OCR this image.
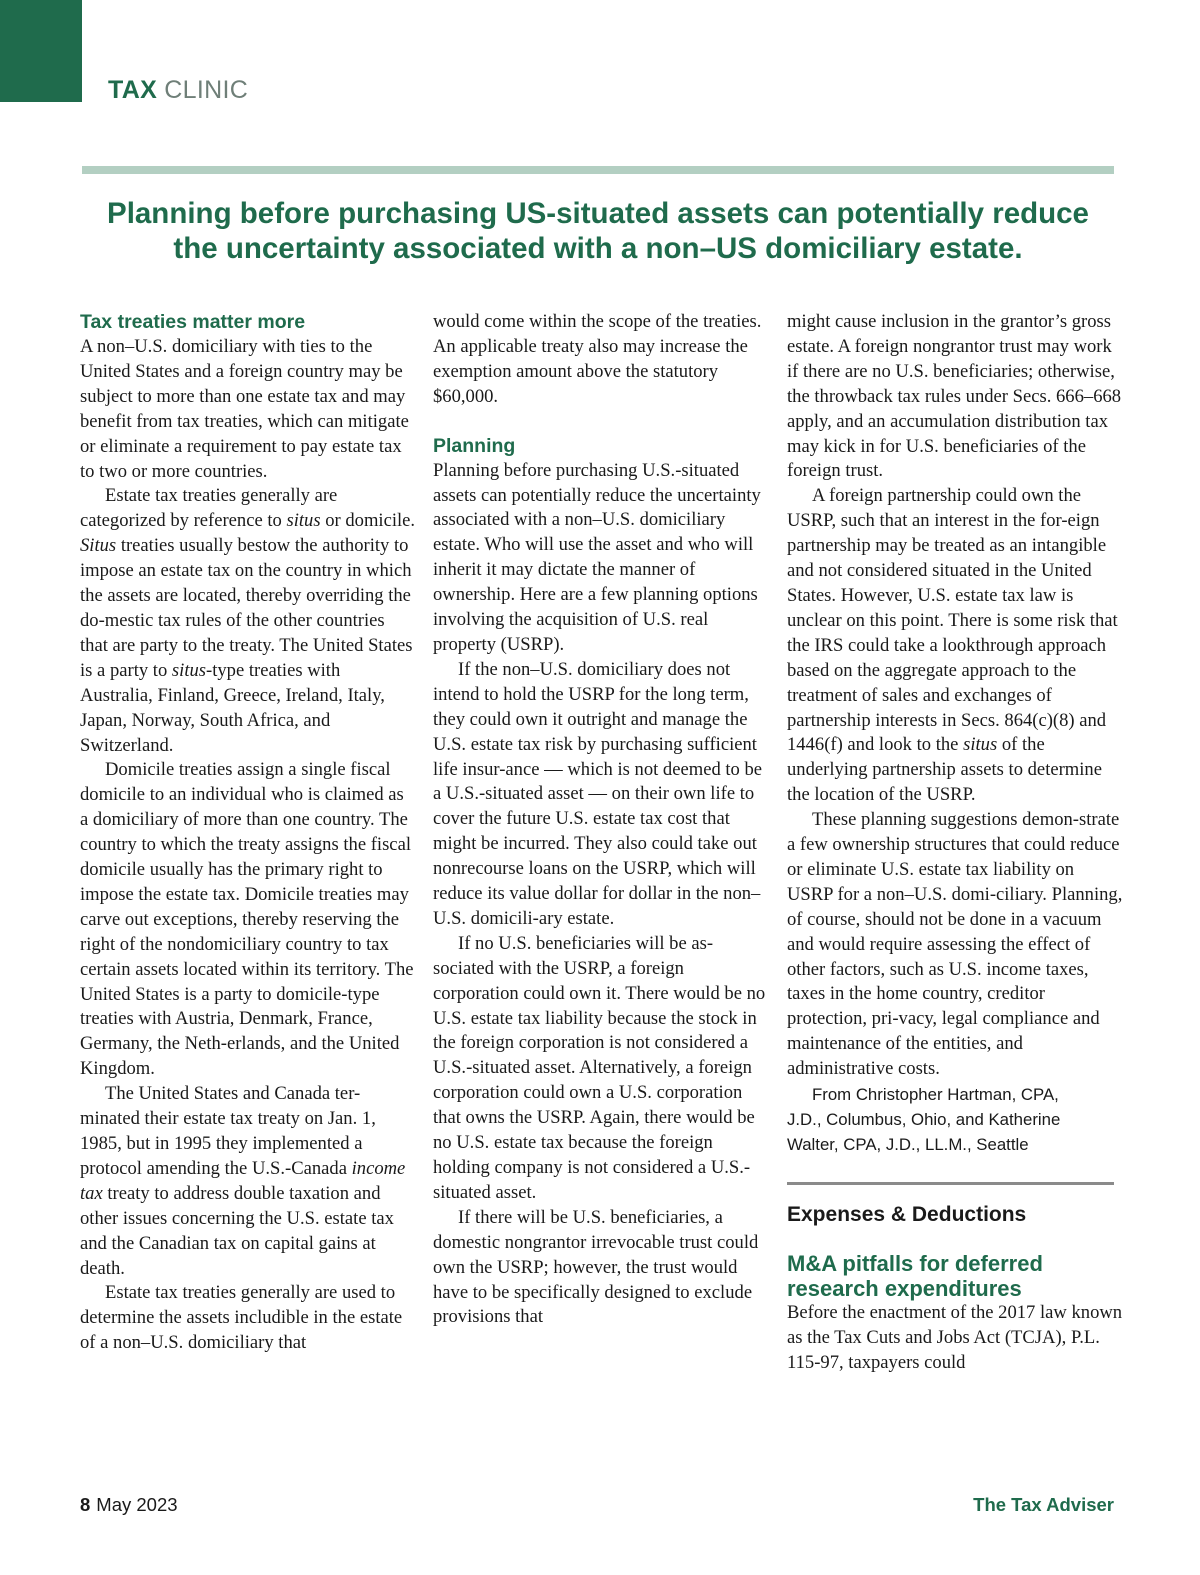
TAX CLINIC
Planning before purchasing US-situated assets can potentially reduce the uncertainty associated with a non–US domiciliary estate.
Tax treaties matter more

A non–U.S. domiciliary with ties to the United States and a foreign country may be subject to more than one estate tax and may benefit from tax treaties, which can mitigate or eliminate a requirement to pay estate tax to two or more countries.

Estate tax treaties generally are categorized by reference to situs or domicile. Situs treaties usually bestow the authority to impose an estate tax on the country in which the assets are located, thereby overriding the do-mestic tax rules of the other countries that are party to the treaty. The United States is a party to situs-type treaties with Australia, Finland, Greece, Ireland, Italy, Japan, Norway, South Africa, and Switzerland.

Domicile treaties assign a single fiscal domicile to an individual who is claimed as a domiciliary of more than one country. The country to which the treaty assigns the fiscal domicile usually has the primary right to impose the estate tax. Domicile treaties may carve out exceptions, thereby reserving the right of the nondomiciliary country to tax certain assets located within its territory. The United States is a party to domicile-type treaties with Austria, Denmark, France, Germany, the Neth-erlands, and the United Kingdom.

The United States and Canada ter-minated their estate tax treaty on Jan. 1, 1985, but in 1995 they implemented a protocol amending the U.S.-Canada income tax treaty to address double taxation and other issues concerning the U.S. estate tax and the Canadian tax on capital gains at death.

Estate tax treaties generally are used to determine the assets includible in the estate of a non–U.S. domiciliary that

would come within the scope of the treaties. An applicable treaty also may increase the exemption amount above the statutory $60,000.

Planning

Planning before purchasing U.S.-situated assets can potentially reduce the uncertainty associated with a non–U.S. domiciliary estate. Who will use the asset and who will inherit it may dictate the manner of ownership. Here are a few planning options involving the acquisition of U.S. real property (USRP).

If the non–U.S. domiciliary does not intend to hold the USRP for the long term, they could own it outright and manage the U.S. estate tax risk by purchasing sufficient life insur-ance — which is not deemed to be a U.S.-situated asset — on their own life to cover the future U.S. estate tax cost that might be incurred. They also could take out nonrecourse loans on the USRP, which will reduce its value dollar for dollar in the non–U.S. domicili-ary estate.

If no U.S. beneficiaries will be as-sociated with the USRP, a foreign corporation could own it. There would be no U.S. estate tax liability because the stock in the foreign corporation is not considered a U.S.-situated asset. Alternatively, a foreign corporation could own a U.S. corporation that owns the USRP. Again, there would be no U.S. estate tax because the foreign holding company is not considered a U.S.-situated asset.

If there will be U.S. beneficiaries, a domestic nongrantor irrevocable trust could own the USRP; however, the trust would have to be specifically designed to exclude provisions that

might cause inclusion in the grantor’s gross estate. A foreign nongrantor trust may work if there are no U.S. beneficiaries; otherwise, the throwback tax rules under Secs. 666–668 apply, and an accumulation distribution tax may kick in for U.S. beneficiaries of the foreign trust.

A foreign partnership could own the USRP, such that an interest in the for-eign partnership may be treated as an intangible and not considered situated in the United States. However, U.S. estate tax law is unclear on this point. There is some risk that the IRS could take a lookthrough approach based on the aggregate approach to the treatment of sales and exchanges of partnership interests in Secs. 864(c)(8) and 1446(f) and look to the situs of the underlying partnership assets to determine the location of the USRP.

These planning suggestions demon-strate a few ownership structures that could reduce or eliminate U.S. estate tax liability on USRP for a non–U.S. domi-ciliary. Planning, of course, should not be done in a vacuum and would require assessing the effect of other factors, such as U.S. income taxes, taxes in the home country, creditor protection, pri-vacy, legal compliance and maintenance of the entities, and administrative costs.

From Christopher Hartman, CPA,
J.D., Columbus, Ohio, and Katherine
Walter, CPA, J.D., LL.M., Seattle
Expenses & Deductions
M&A pitfalls for deferred research expenditures

Before the enactment of the 2017 law known as the Tax Cuts and Jobs Act (TCJA), P.L. 115-97, taxpayers could

8 May 2023	The Tax Adviser
